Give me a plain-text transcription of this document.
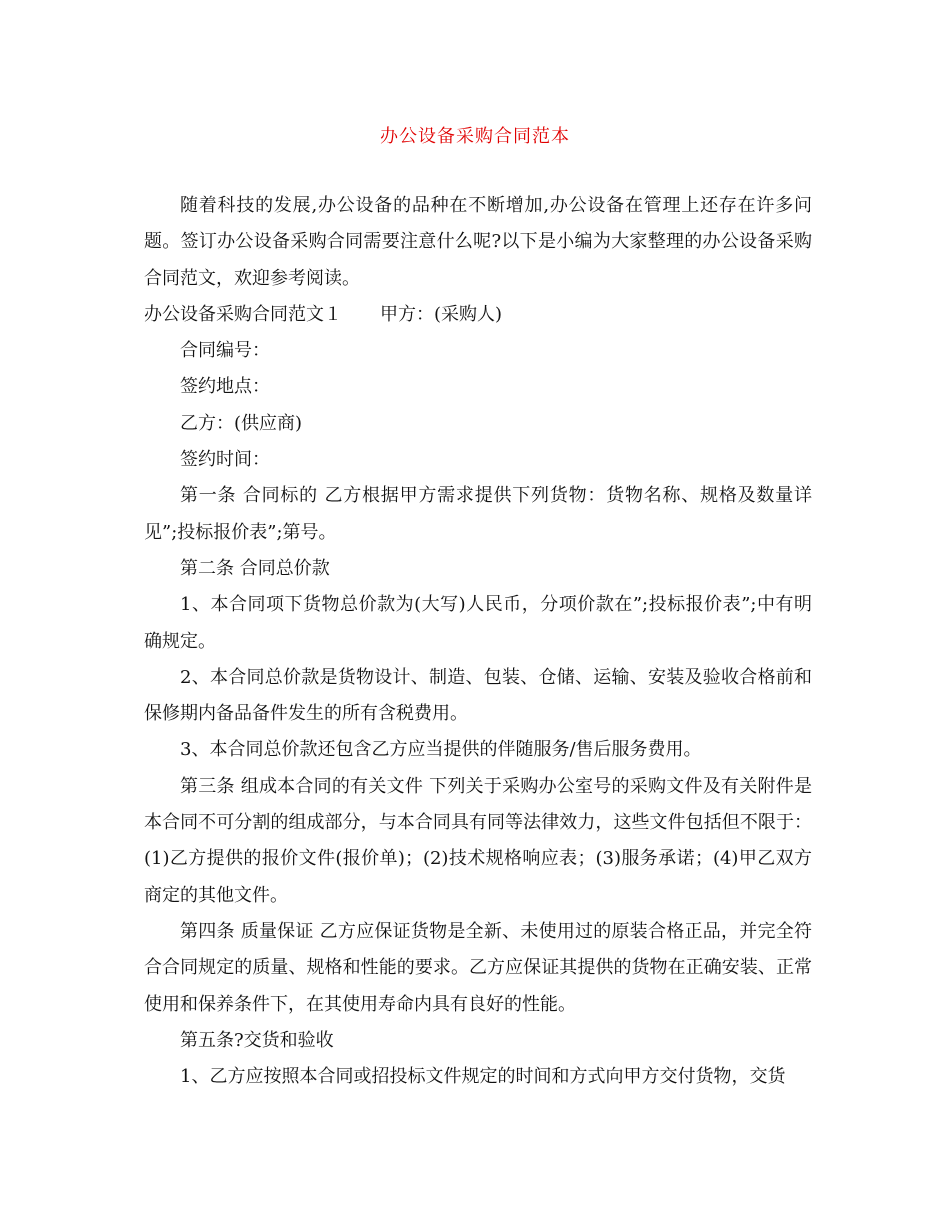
办公设备采购合同范本

随着科技的发展,办公设备的品种在不断增加,办公设备在管理上还存在许多问题。签订办公设备采购合同需要注意什么呢?以下是小编为大家整理的办公设备采购合同范文，欢迎参考阅读。

办公设备采购合同范文１ 甲方：(采购人)

合同编号：

签约地点：

乙方：(供应商)

签约时间：

第一条 合同标的 乙方根据甲方需求提供下列货物：货物名称、规格及数量详见”;投标报价表”;第号。

第二条 合同总价款

1、本合同项下货物总价款为(大写)人民币，分项价款在”;投标报价表”;中有明确规定。

2、本合同总价款是货物设计、制造、包装、仓储、运输、安装及验收合格前和保修期内备品备件发生的所有含税费用。

3、本合同总价款还包含乙方应当提供的伴随服务/售后服务费用。

第三条 组成本合同的有关文件 下列关于采购办公室号的采购文件及有关附件是本合同不可分割的组成部分，与本合同具有同等法律效力，这些文件包括但不限于：(1)乙方提供的报价文件(报价单)；(2)技术规格响应表；(3)服务承诺；(4)甲乙双方商定的其他文件。

第四条 质量保证 乙方应保证货物是全新、未使用过的原装合格正品，并完全符合合同规定的质量、规格和性能的要求。乙方应保证其提供的货物在正确安装、正常使用和保养条件下，在其使用寿命内具有良好的性能。

第五条?交货和验收

1、乙方应按照本合同或招投标文件规定的时间和方式向甲方交付货物，交货
